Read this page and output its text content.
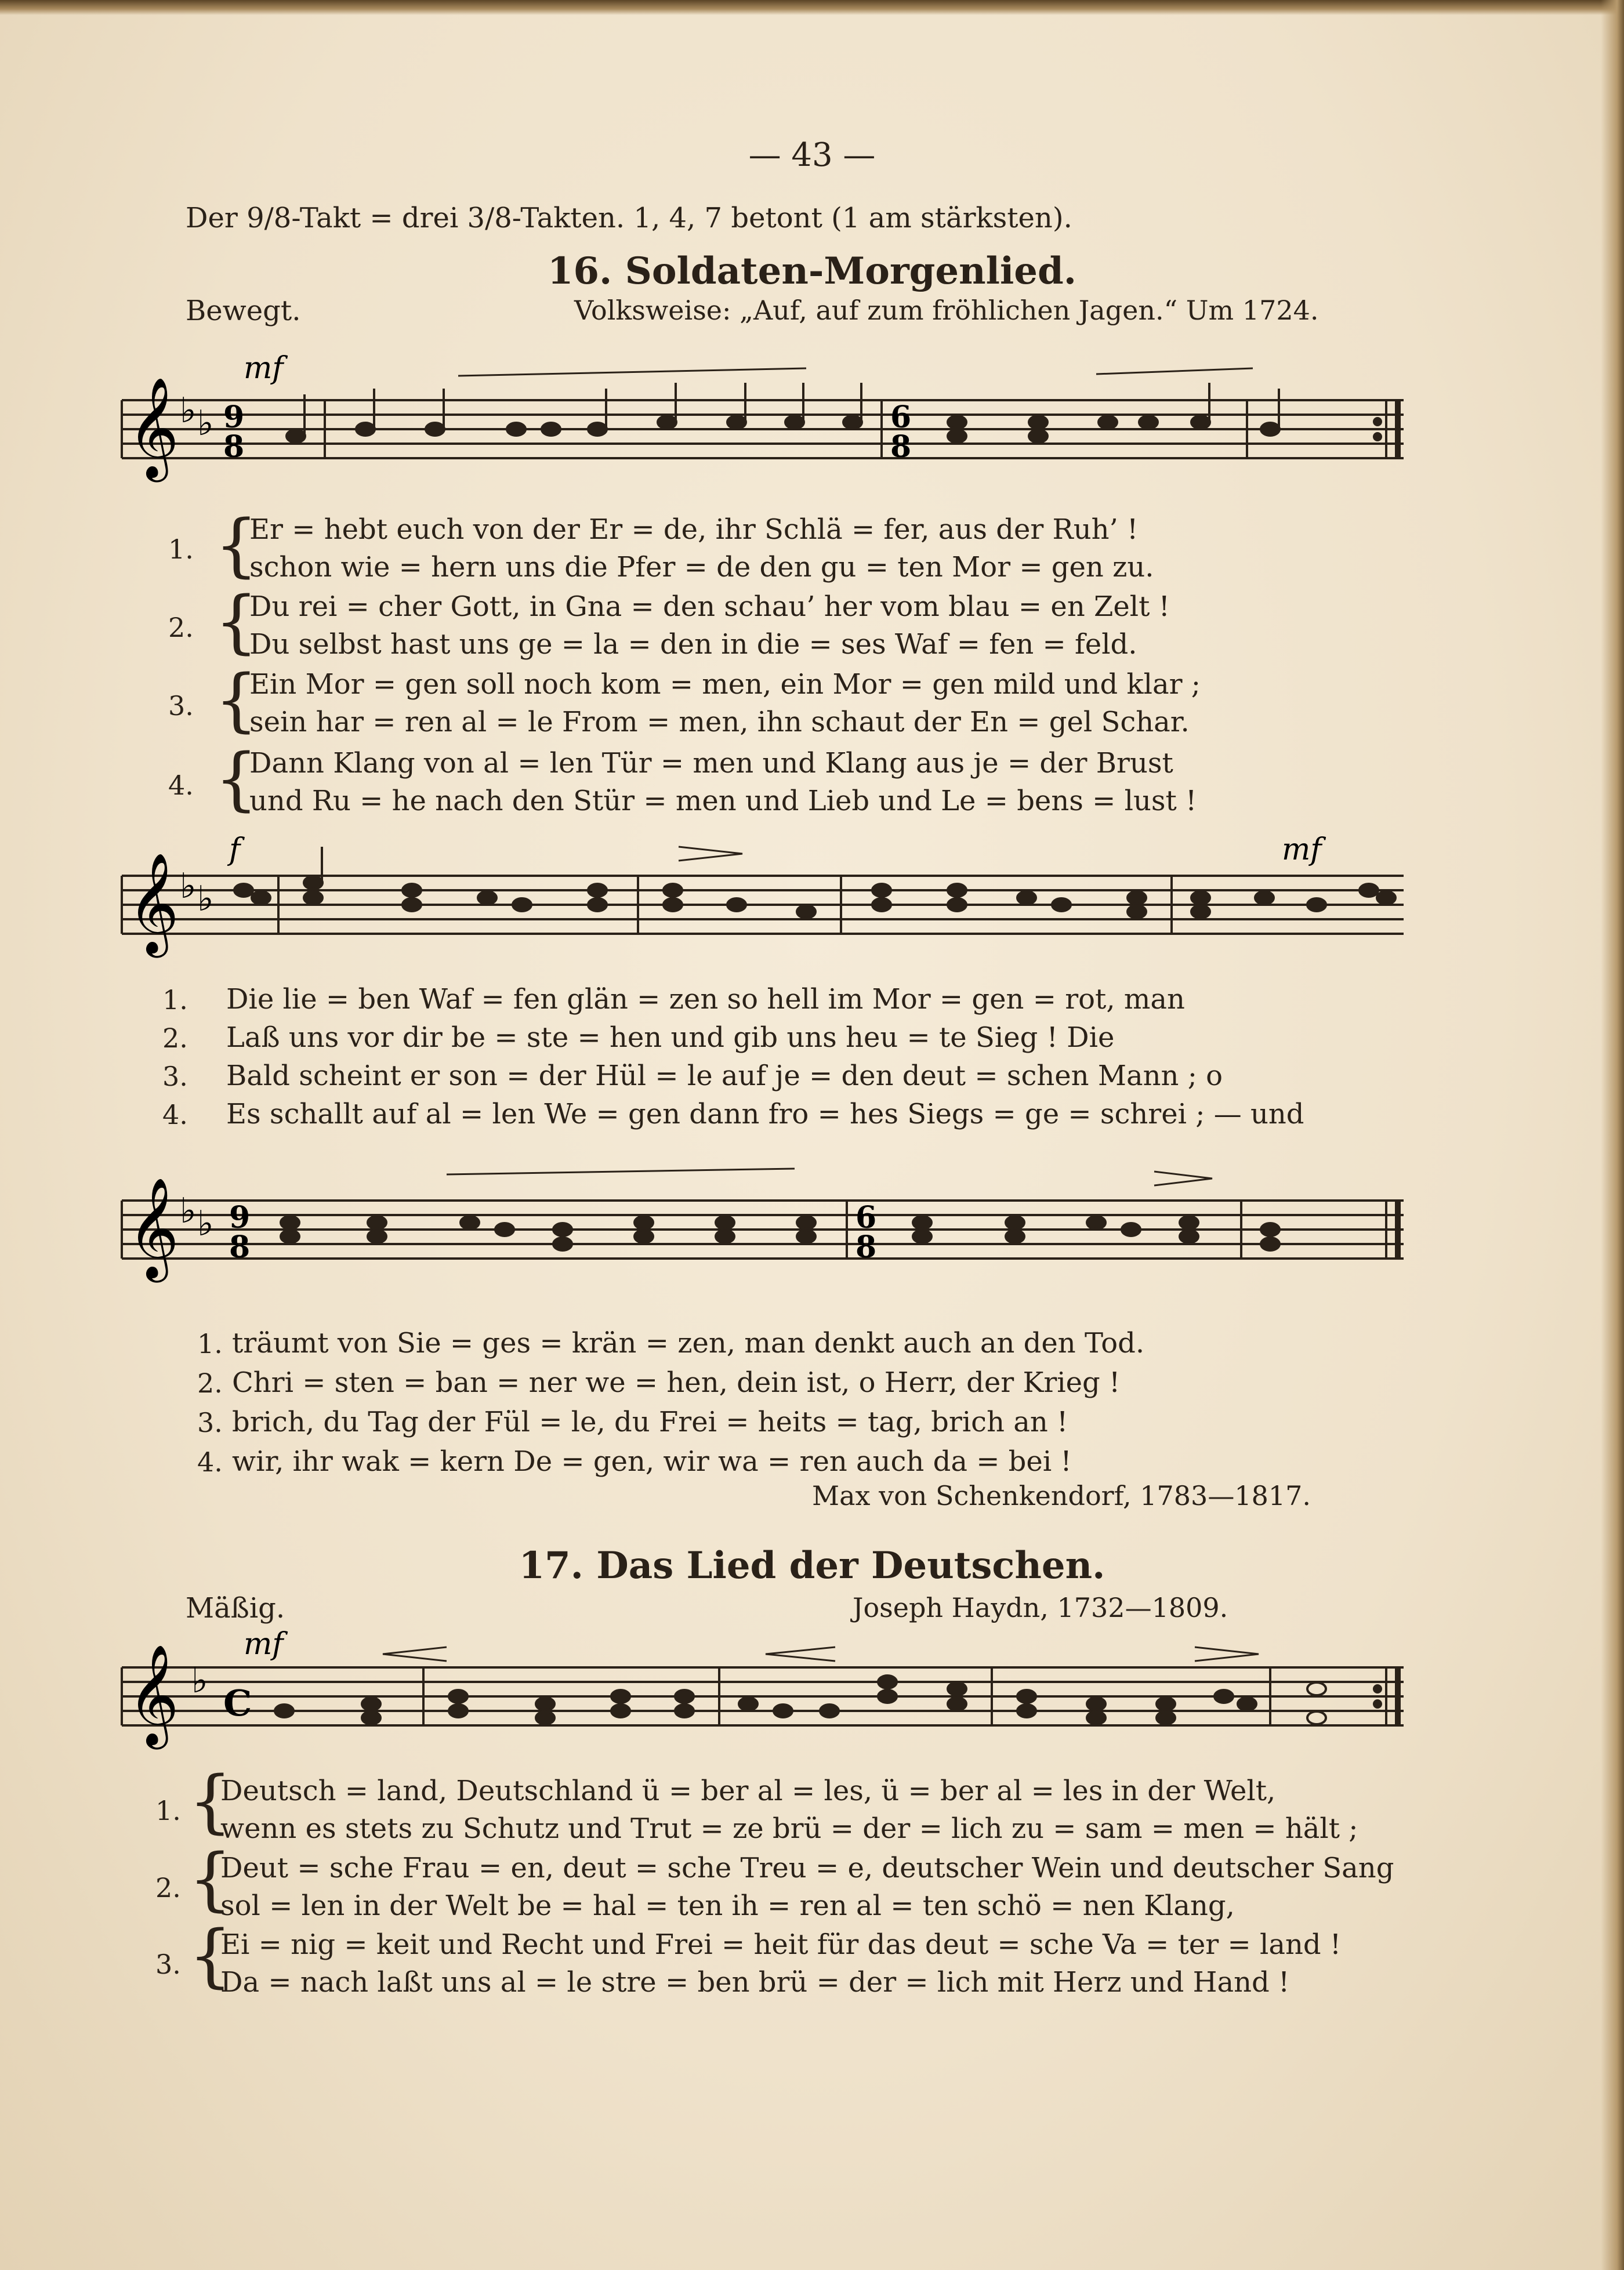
— 43 —
Der 9/8-Takt = drei 3/8-Takten. 1, 4, 7 betont (1 am stärksten).
16. Soldaten-Morgenlied.
Bewegt.	Volksweise: „Auf, auf zum fröhlichen Jagen.“ Um 1724.
mf
𝄞 ♭ ♭ 9
8
6
8
1. {
Er = hebt euch von der Er = de, ihr Schlä = fer, aus der Ruh’ !
schon wie = hern uns die Pfer = de den gu = ten Mor = gen zu.
2. {
Du rei = cher Gott, in Gna = den schau’ her vom blau = en Zelt !
Du selbst hast uns ge = la = den in die = ses Waf = fen = feld.
3. {
Ein Mor = gen soll noch kom = men, ein Mor = gen mild und klar ;
sein har = ren al = le From = men, ihn schaut der En = gel Schar.
4. {
Dann Klang von al = len Tür = men und Klang aus je = der Brust
und Ru = he nach den Stür = men und Lieb und Le = bens = lust !
f	mf
𝄞 ♭ ♭
1. Die lie = ben Waf = fen glän = zen so hell im Mor = gen = rot, man
2. Laß uns vor dir be = ste = hen und gib uns heu = te Sieg ! Die
3. Bald scheint er son = der Hül = le auf je = den deut = schen Mann ; o
4. Es schallt auf al = len We = gen dann fro = hes Siegs = ge = schrei ; — und
𝄞 ♭ ♭ 9
8
6
8
1. träumt von Sie = ges = krän = zen, man denkt auch an den Tod.
2. Chri = sten = ban = ner we = hen, dein ist, o Herr, der Krieg !
3. brich, du Tag der Fül = le, du Frei = heits = tag, brich an !
4. wir, ihr wak = kern De = gen, wir wa = ren auch da = bei !
Max von Schenkendorf, 1783—1817.
17. Das Lied der Deutschen.
Mäßig.	Joseph Haydn, 1732—1809.
mf
𝄞 ♭
C
1. {
Deutsch = land, Deutschland ü = ber al = les, ü = ber al = les in der Welt,
wenn es stets zu Schutz und Trut = ze brü = der = lich zu = sam = men = hält ;
2. {
Deut = sche Frau = en, deut = sche Treu = e, deutscher Wein und deutscher Sang
sol = len in der Welt be = hal = ten ih = ren al = ten schö = nen Klang,
3. {
Ei = nig = keit und Recht und Frei = heit für das deut = sche Va = ter = land !
Da = nach laßt uns al = le stre = ben brü = der = lich mit Herz und Hand !
